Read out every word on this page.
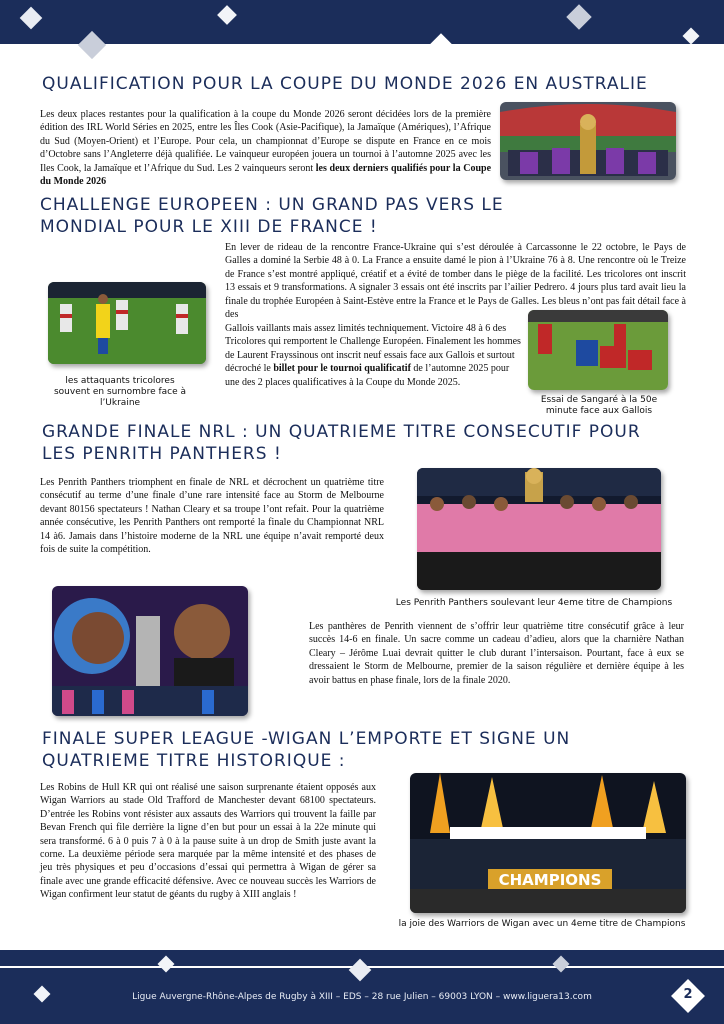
QUALIFICATION POUR LA COUPE DU MONDE 2026 EN AUSTRALIE

Les deux places restantes pour la qualification à la coupe du Monde 2026 seront décidées lors de la première édition des IRL World Séries en 2025, entre les Îles Cook (Asie-Pacifique), la Jamaïque (Amériques), l’Afrique du Sud (Moyen-Orient) et l’Europe. Pour cela, un championnat d’Europe se dispute en France en ce mois d’Octobre sans l’Angleterre déjà qualifiée. Le vainqueur européen jouera un tournoi à l’automne 2025 avec les Iles Cook, la Jamaïque et l’Afrique du Sud. Les 2 vainqueurs seront les deux derniers qualifiés pour la Coupe du Monde 2026

CHALLENGE EUROPEEN : UN GRAND PAS VERS LE
MONDIAL POUR LE XIII DE FRANCE !

En lever de rideau de la rencontre France-Ukraine qui s’est déroulée à Carcassonne le 22 octobre, le Pays de Galles a dominé la Serbie 48 à 0. La France a ensuite damé le pion à l’Ukraine 76 à 8. Une rencontre où le Treize de France s’est montré appliqué, créatif et a évité de tomber dans le piège de la facilité. Les tricolores ont inscrit 13 essais et 9 transformations. A signaler 3 essais ont été inscrits par l’ailier Pedrero. 4 jours plus tard avait lieu la finale du trophée Européen à Saint-Estève entre la France et le Pays de Galles. Les bleus n’ont pas fait détail face à des

Gallois vaillants mais assez limités techniquement. Victoire 48 à 6 des Tricolores qui remportent le Challenge Européen. Finalement les hommes de Laurent Frayssinous ont inscrit neuf essais face aux Gallois et surtout décroché le billet pour le tournoi qualificatif de l’automne 2025 pour une des 2 places qualificatives à la Coupe du Monde 2025.

les attaquants tricolores souvent en surnombre face à l’Ukraine	Essai de Sangaré à la 50e minute face aux Gallois

GRANDE FINALE NRL : UN QUATRIEME TITRE CONSECUTIF POUR
LES PENRITH PANTHERS !

Les Penrith Panthers triomphent en finale de NRL et décrochent un quatrième titre consécutif au terme d’une finale d’une rare intensité face au Storm de Melbourne devant 80156 spectateurs ! Nathan Cleary et sa troupe l’ont refait. Pour la quatrième année consécutive, les Penrith Panthers ont remporté la finale du Championnat NRL 14 à6. Jamais dans l’histoire moderne de la NRL une équipe n’avait remporté deux fois de suite la compétition.

Les Penrith Panthers soulevant leur 4eme titre de Champions

Les panthères de Penrith viennent de s’offrir leur quatrième titre consécutif grâce à leur succès 14-6 en finale. Un sacre comme un cadeau d’adieu, alors que la charnière Nathan Cleary – Jérôme Luai devrait quitter le club durant l’intersaison. Pourtant, face à eux se dressaient le Storm de Melbourne, premier de la saison régulière et dernière équipe à les avoir battus en phase finale, lors de la finale 2020.

FINALE SUPER LEAGUE -WIGAN L’EMPORTE ET SIGNE UN
QUATRIEME TITRE HISTORIQUE :

Les Robins de Hull KR qui ont réalisé une saison surprenante étaient opposés aux Wigan Warriors au stade Old Trafford de Manchester devant 68100 spectateurs. D’entrée les Robins vont résister aux assauts des Warriors qui trouvent la faille par Bevan French qui file derrière la ligne d’en but pour un essai à la 22e minute qui sera transformé. 6 à 0 puis 7 à 0 à la pause suite à un drop de Smith juste avant la corne. La deuxième période sera marquée par la même intensité et des phases de jeu très physiques et peu d’occasions d’essai qui permettra à Wigan de gérer sa finale avec une grande efficacité défensive. Avec ce nouveau succès les Warriors de Wigan confirment leur statut de géants du rugby à XIII anglais !

CHAMPIONS

la joie des Warriors de Wigan avec un 4eme titre de Champions

Ligue Auvergne-Rhône-Alpes de Rugby à XIII – EDS – 28 rue Julien – 69003 LYON – www.liguera13.com	2
